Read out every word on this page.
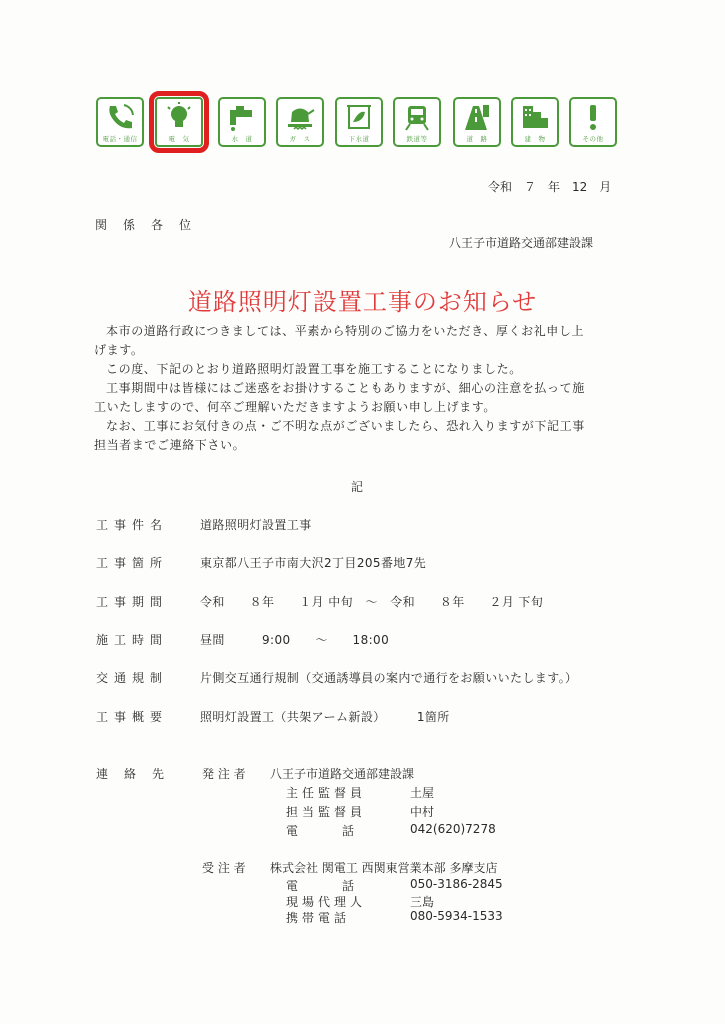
電話・通信	電　気	水　道	ガ　ス	下水道	鉄道等	道　路	建　物	その他
令和　７　年　12　月
関　係　各　位
八王子市道路交通部建設課
道路照明灯設置工事のお知らせ

本市の道路行政につきましては、平素から特別のご協力をいただき、厚くお礼申し上げます。

この度、下記のとおり道路照明灯設置工事を施工することになりました。

工事期間中は皆様にはご迷惑をお掛けすることもありますが、細心の注意を払って施工いたしますので、何卒ご理解いただきますようお願い申し上げます。

なお、工事にお気付きの点・ご不明な点がございましたら、恐れ入りますが下記工事担当者までご連絡下さい。

記
工事件名	道路照明灯設置工事
工事箇所	東京都八王子市南大沢2丁目205番地7先
工事期間	令和　　８年　　１月 中旬　～　令和　　８年　　２月 下旬
施工時間	昼間　　　9:00　　～　　18:00
交通規制	片側交互通行規制（交通誘導員の案内で通行をお願いいたします。）
工事概要	照明灯設置工（共架アーム新設）　　　1箇所
連絡先 発 注 者 八王子市道路交通部建設課
主任監督員	土屋
担当監督員	中村
電　　　話	042(620)7278
受 注 者 株式会社 関電工 西関東営業本部 多摩支店
電　　　話	050-3186-2845
現場代理人	三島
携帯電話	080-5934-1533
